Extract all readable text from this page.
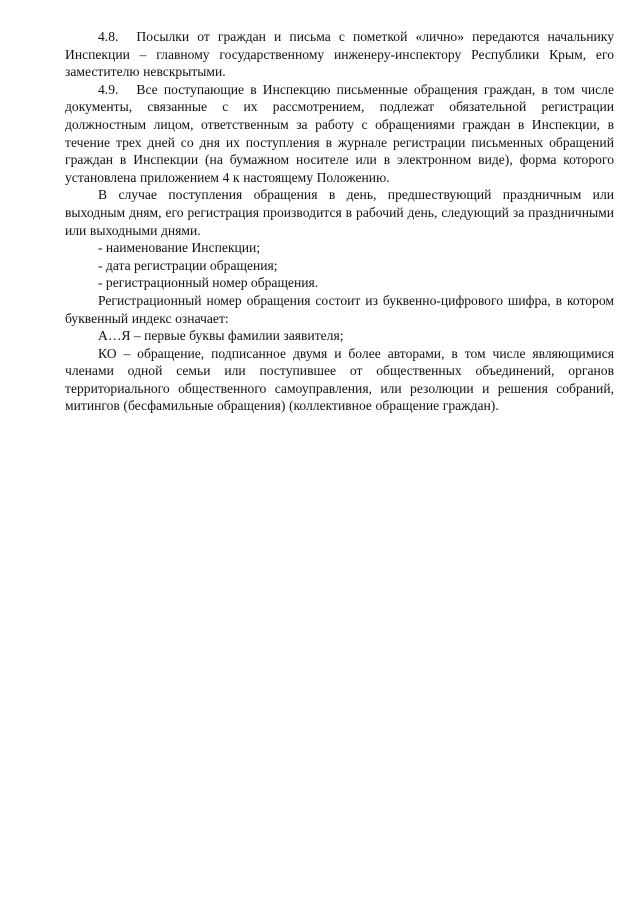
4.8. Посылки от граждан и письма с пометкой «лично» передаются начальнику Инспекции – главному государственному инженеру-инспектору Республики Крым, его заместителю невскрытыми.

4.9. Все поступающие в Инспекцию письменные обращения граждан, в том числе документы, связанные с их рассмотрением, подлежат обязательной регистрации должностным лицом, ответственным за работу с обращениями граждан в Инспекции, в течение трех дней со дня их поступления в журнале регистрации письменных обращений граждан в Инспекции (на бумажном носителе или в электронном виде), форма которого установлена приложением 4 к настоящему Положению.

В случае поступления обращения в день, предшествующий праздничным или выходным дням, его регистрация производится в рабочий день, следующий за праздничными или выходными днями.

- наименование Инспекции;

- дата регистрации обращения;

- регистрационный номер обращения.

Регистрационный номер обращения состоит из буквенно-цифрового шифра, в котором буквенный индекс означает:

А…Я – первые буквы фамилии заявителя;

КО – обращение, подписанное двумя и более авторами, в том числе являющимися членами одной семьи или поступившее от общественных объединений, органов территориального общественного самоуправления, или резолюции и решения собраний, митингов (бесфамильные обращения) (коллективное обращение граждан).
